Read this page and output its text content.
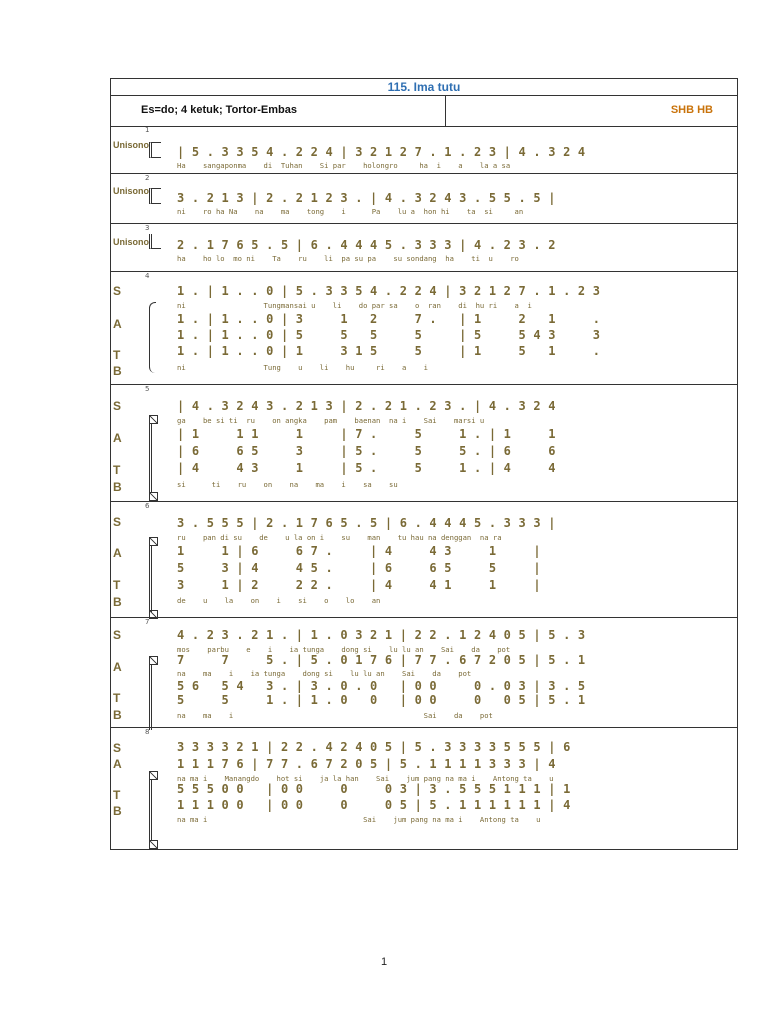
115. Ima tutu
Es=do; 4 ketuk; Tortor-Embas	SHB HB
1
Unisono | 5 . 3 3 5 4 . 2 2 4 | 3 2 1 2 7 . 1 . 2 3 | 4 . 3 2 4
Ha    sangaponma    di  Tuhan    Si par    holongro     ha  i    a    la a sa
2
Unisono 3 . 2 1 3 | 2 . 2 1 2 3 . | 4 . 3 2 4 3 . 5 5 . 5 |
ni    ro ha Na    na    ma    tong    i      Pa    lu a  hon hi    ta  si     an
3
Unisono 2 . 1 7 6 5 . 5 | 6 . 4 4 4 5 . 3 3 3 | 4 . 2 3 . 2
ha    ho lo  mo ni    Ta    ru    li  pa su pa    su sondang  ha    ti  u    ro
4
S
A
T
B
1 . | 1 . . 0 | 5 . 3 3 5 4 . 2 2 4 | 3 2 1 2 7 . 1 . 2 3
ni                  Tungmansai u    li    do par sa    o  ran    di  hu ri    a  i
1 . | 1 . . 0 | 3     1   2     7 .   | 1     2   1     .
1 . | 1 . . 0 | 5     5   5     5     | 5     5 4 3     3
1 . | 1 . . 0 | 1     3 1 5     5     | 1     5   1     .
ni                  Tung    u    li    hu     ri    a    i
5
S
A
T
B
| 4 . 3 2 4 3 . 2 1 3 | 2 . 2 1 . 2 3 . | 4 . 3 2 4
ga    be si ti  ru    on angka    pam    baenan  na i    Sai    marsi u
| 1     1 1     1     | 7 .     5     1 . | 1     1
| 6     6 5     3     | 5 .     5     5 . | 6     6
| 4     4 3     1     | 5 .     5     1 . | 4     4
si      ti    ru    on    na    ma    i    sa    su
6
S
A
T
B
3 . 5 5 5 | 2 . 1 7 6 5 . 5 | 6 . 4 4 4 5 . 3 3 3 |
ru    pan di su    de    u la on i    su    man    tu hau na denggan  na ra
1     1 | 6     6 7 .     | 4     4 3     1     |
5     3 | 4     4 5 .     | 6     6 5     5     |
3     1 | 2     2 2 .     | 4     4 1     1     |
de    u    la    on    i    si    o    lo    an
7
S
A
T
B
4 . 2 3 . 2 1 . | 1 . 0 3 2 1 | 2 2 . 1 2 4 0 5 | 5 . 3
mos    parbu    e    i    ia tunga    dong si    lu lu an    Sai    da    pot
7     7     5 . | 5 . 0 1 7 6 | 7 7 . 6 7 2 0 5 | 5 . 1
na    ma    i    ia tunga    dong si    lu lu an    Sai    da    pot
5 6   5 4   3 . | 3 . 0 . 0   | 0 0     0 . 0 3 | 3 . 5
5     5     1 . | 1 . 0   0   | 0 0     0   0 5 | 5 . 1
na    ma    i                                            Sai    da    pot
8
S
A
T
B
3 3 3 3 2 1 | 2 2 . 4 2 4 0 5 | 5 . 3 3 3 3 5 5 5 | 6
1 1 1 7 6 | 7 7 . 6 7 2 0 5 | 5 . 1 1 1 1 3 3 3 | 4
na ma i    Manangdo    hot si    ja la han    Sai    jum pang na ma i    Antong ta    u
5 5 5 0 0   | 0 0     0     0 3 | 3 . 5 5 5 1 1 1 | 1
1 1 1 0 0   | 0 0     0     0 5 | 5 . 1 1 1 1 1 1 | 4
na ma i                                    Sai    jum pang na ma i    Antong ta    u
1
